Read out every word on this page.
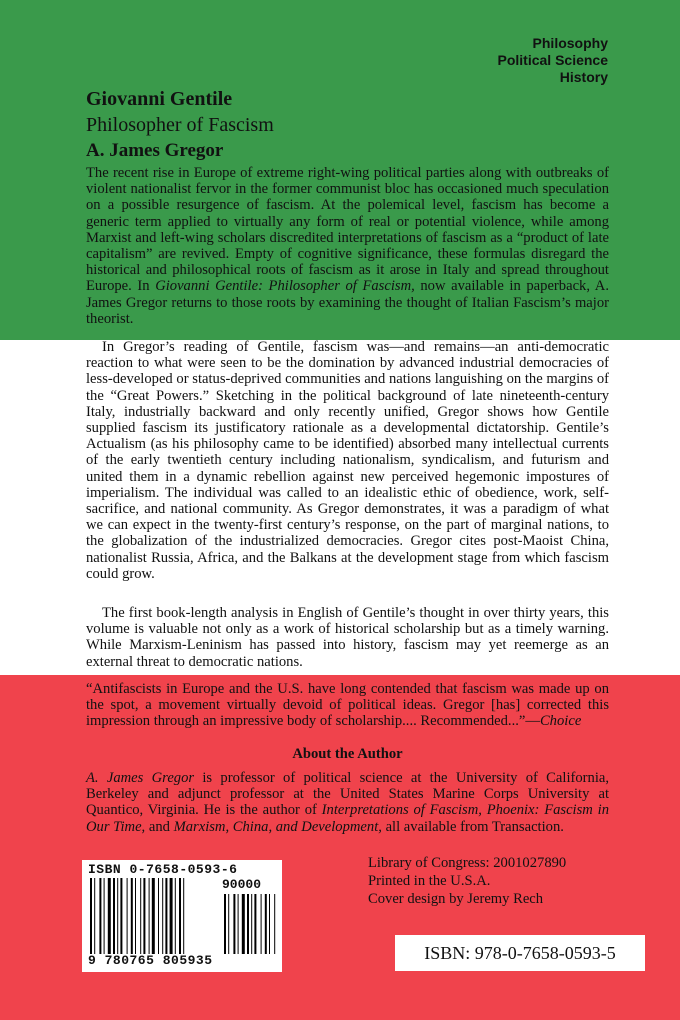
Philosophy
Political Science
History
Giovanni Gentile
Philosopher of Fascism
A. James Gregor
The recent rise in Europe of extreme right-wing political parties along with outbreaks of violent nationalist fervor in the former communist bloc has occasioned much speculation on a possible resurgence of fascism. At the polemical level, fascism has become a generic term applied to virtually any form of real or potential violence, while among Marxist and left-wing scholars discredited interpretations of fascism as a “product of late capitalism” are revived. Empty of cognitive significance, these formulas disregard the historical and philosophical roots of fascism as it arose in Italy and spread throughout Europe. In Giovanni Gentile: Philosopher of Fascism, now available in paperback, A. James Gregor returns to those roots by examining the thought of Italian Fascism’s major theorist.
In Gregor’s reading of Gentile, fascism was—and remains—an anti-democratic reaction to what were seen to be the domination by advanced industrial democracies of less-developed or status-deprived communities and nations languishing on the margins of the “Great Powers.” Sketching in the political background of late nineteenth-century Italy, industrially backward and only recently unified, Gregor shows how Gentile supplied fascism its justificatory rationale as a developmental dictatorship. Gentile’s Actualism (as his philosophy came to be identified) absorbed many intellectual currents of the early twentieth century including nationalism, syndicalism, and futurism and united them in a dynamic rebellion against new perceived hegemonic impostures of imperialism. The individual was called to an idealistic ethic of obedience, work, self-sacrifice, and national community. As Gregor demonstrates, it was a paradigm of what we can expect in the twenty-first century’s response, on the part of marginal nations, to the globalization of the industrialized democracies. Gregor cites post-Maoist China, nationalist Russia, Africa, and the Balkans at the development stage from which fascism could grow.
The first book-length analysis in English of Gentile’s thought in over thirty years, this volume is valuable not only as a work of historical scholarship but as a timely warning. While Marxism-Leninism has passed into history, fascism may yet reemerge as an external threat to democratic nations.
“Antifascists in Europe and the U.S. have long contended that fascism was made up on the spot, a movement virtually devoid of political ideas. Gregor [has] corrected this impression through an impressive body of scholarship.... Recommended...”—Choice
About the Author
A. James Gregor is professor of political science at the University of California, Berkeley and adjunct professor at the United States Marine Corps University at Quantico, Virginia. He is the author of Interpretations of Fascism, Phoenix: Fascism in Our Time, and Marxism, China, and Development, all available from Transaction.
Library of Congress: 2001027890
Printed in the U.S.A.
Cover design by Jeremy Rech
ISBN 0-7658-0593-6
90000
9 780765 805935	ISBN: 978-0-7658-0593-5
